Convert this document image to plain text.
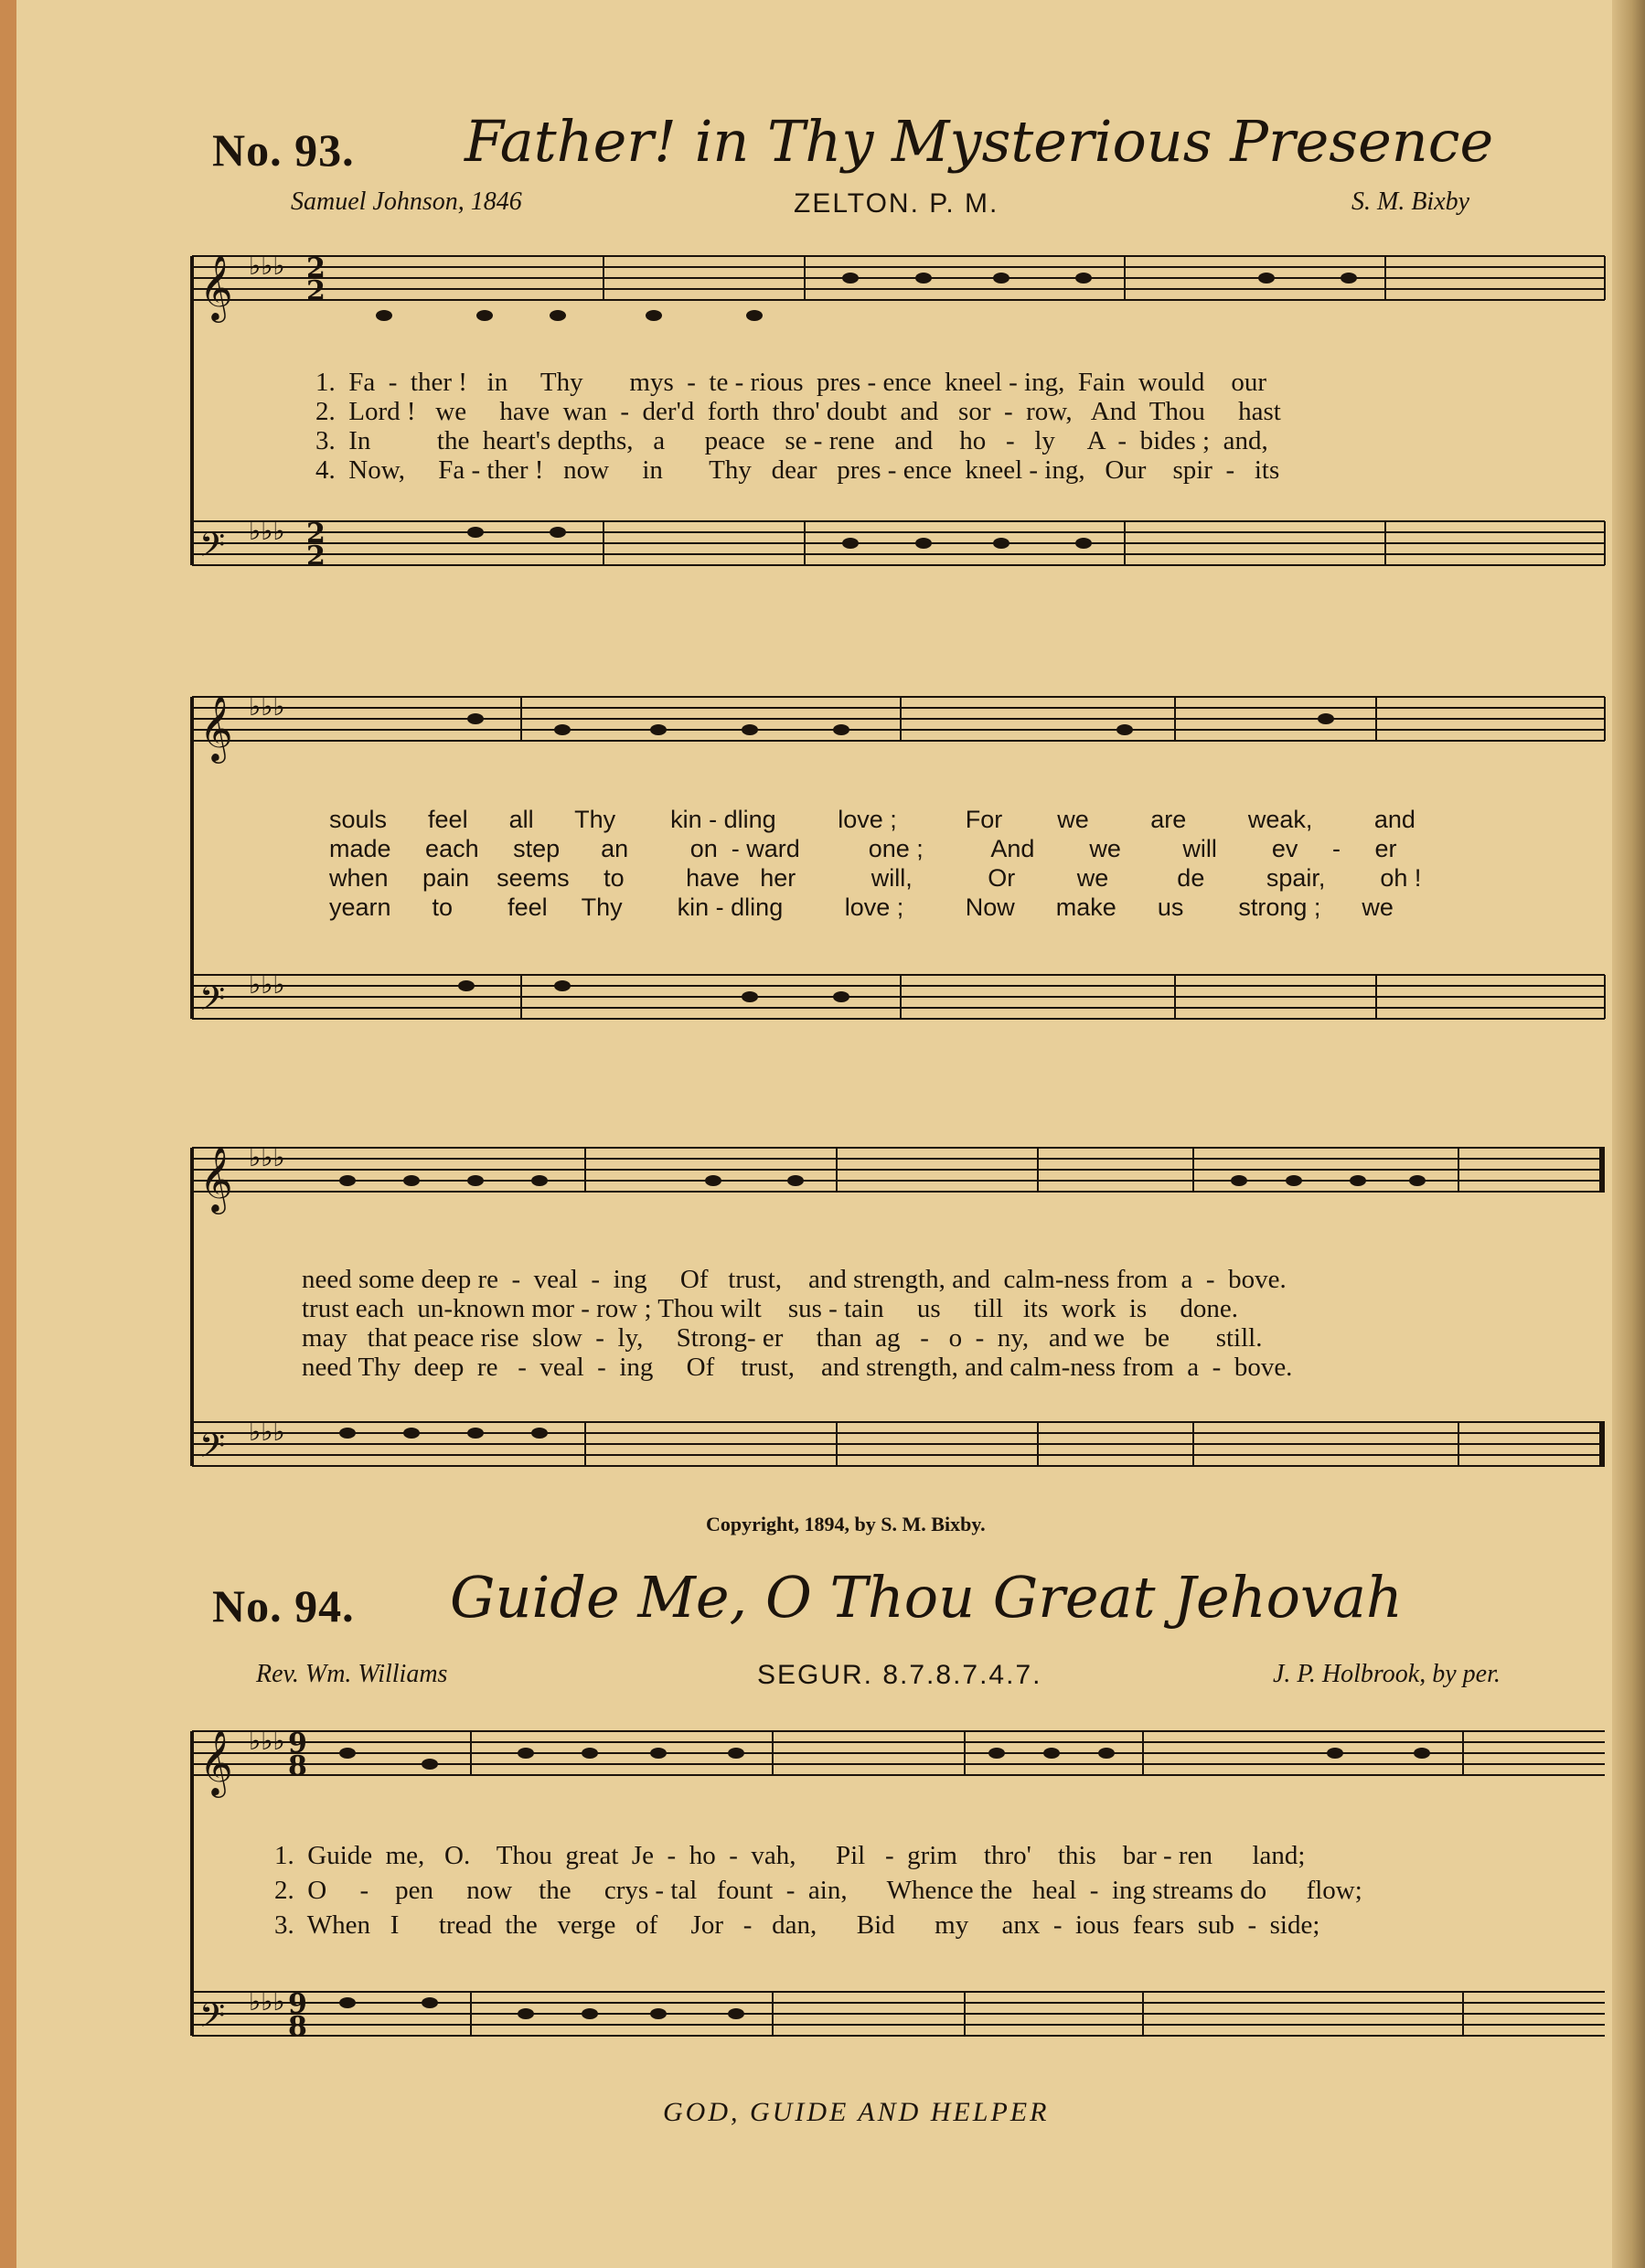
No. 93. Father! in Thy Mysterious Presence
Samuel Johnson, 1846	ZELTON. P. M.	S. M. Bixby
𝄞
𝄢
𝄞
𝄢
𝄞
𝄢
𝄞
𝄢
♭♭♭
♭♭♭
♭♭♭
♭♭♭
♭♭♭
♭♭♭
♭♭♭
♭♭♭
2
2
2
2
9
8
9
8
1.  Fa  -  ther !   in     Thy       mys  -  te - rious  pres - ence  kneel - ing,  Fain  would    our
2.  Lord !   we     have  wan  -  der'd  forth  thro' doubt  and   sor  -  row,   And  Thou     hast
3.  In          the  heart's depths,   a      peace   se - rene   and    ho   -   ly     A  -  bides ;  and,
4.  Now,     Fa - ther !   now     in       Thy   dear   pres - ence  kneel - ing,   Our    spir  -   its
souls      feel      all      Thy        kin - dling         love ;          For        we         are         weak,         and
made     each     step      an         on  - ward          one ;          And        we         will        ev     -     er
when     pain    seems     to         have   her           will,           Or         we          de         spair,        oh !
yearn      to        feel     Thy        kin - dling         love ;         Now      make      us        strong ;      we
need some deep re  -  veal  -  ing     Of   trust,    and strength, and  calm-ness from  a  -  bove.
trust each  un-known mor - row ; Thou wilt    sus - tain     us     till   its  work  is     done.
may   that peace rise  slow  -  ly,     Strong- er     than  ag   -   o  -  ny,   and we   be       still.
need Thy  deep  re   -  veal  -  ing     Of    trust,    and strength, and calm-ness from  a  -  bove.
Copyright, 1894, by S. M. Bixby.
No. 94. Guide Me, O Thou Great Jehovah
Rev. Wm. Williams	SEGUR. 8.7.8.7.4.7.	J. P. Holbrook, by per.
1.  Guide  me,   O.    Thou  great  Je  -  ho  -  vah,      Pil   -  grim    thro'    this    bar - ren      land;
2.  O     -    pen     now    the     crys - tal   fount  -  ain,      Whence the   heal  -  ing streams do      flow;
3.  When   I      tread  the   verge   of     Jor   -   dan,      Bid      my     anx  -  ious  fears  sub  -  side;
GOD, GUIDE AND HELPER
